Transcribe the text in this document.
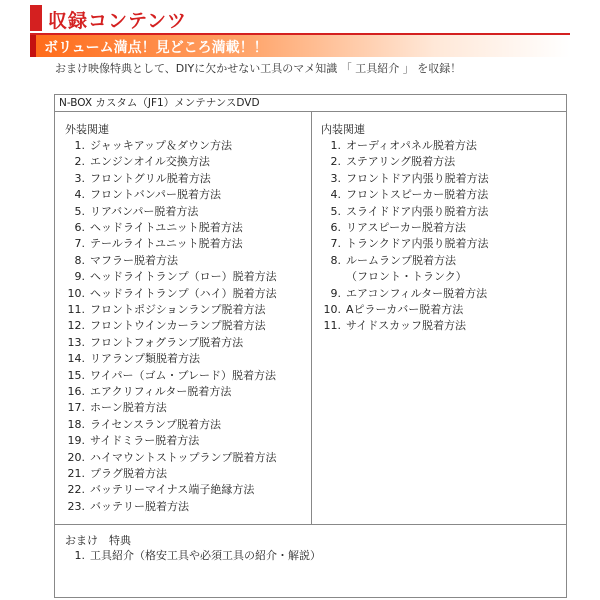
収録コンテンツ
ボリューム満点！見どころ満載！！
おまけ映像特典として、DIYに欠かせない工具のマメ知識 「 工具紹介 」 を収録！
N-BOX カスタム（JF1）メンテナンスDVD
外装関連
1. ジャッキアップ＆ダウン方法
2. エンジンオイル交換方法
3. フロントグリル脱着方法
4. フロントバンパー脱着方法
5. リアバンパー脱着方法
6. ヘッドライトユニット脱着方法
7. テールライトユニット脱着方法
8. マフラー脱着方法
9. ヘッドライトランプ（ロー）脱着方法
10. ヘッドライトランプ（ハイ）脱着方法
11. フロントポジションランプ脱着方法
12. フロントウインカーランプ脱着方法
13. フロントフォグランプ脱着方法
14. リアランプ類脱着方法
15. ワイパー（ゴム・ブレード）脱着方法
16. エアクリフィルター脱着方法
17. ホーン脱着方法
18. ライセンスランプ脱着方法
19. サイドミラー脱着方法
20. ハイマウントストップランプ脱着方法
21. プラグ脱着方法
22. バッテリーマイナス端子絶縁方法
23. バッテリー脱着方法
内装関連
1. オーディオパネル脱着方法
2. ステアリング脱着方法
3. フロントドア内張り脱着方法
4. フロントスピーカー脱着方法
5. スライドドア内張り脱着方法
6. リアスピーカー脱着方法
7. トランクドア内張り脱着方法
8. ルームランプ脱着方法
（フロント・トランク）
9. エアコンフィルター脱着方法
10. Aピラーカバー脱着方法
11. サイドスカッフ脱着方法
おまけ　特典
1. 工具紹介（格安工具や必須工具の紹介・解説）
